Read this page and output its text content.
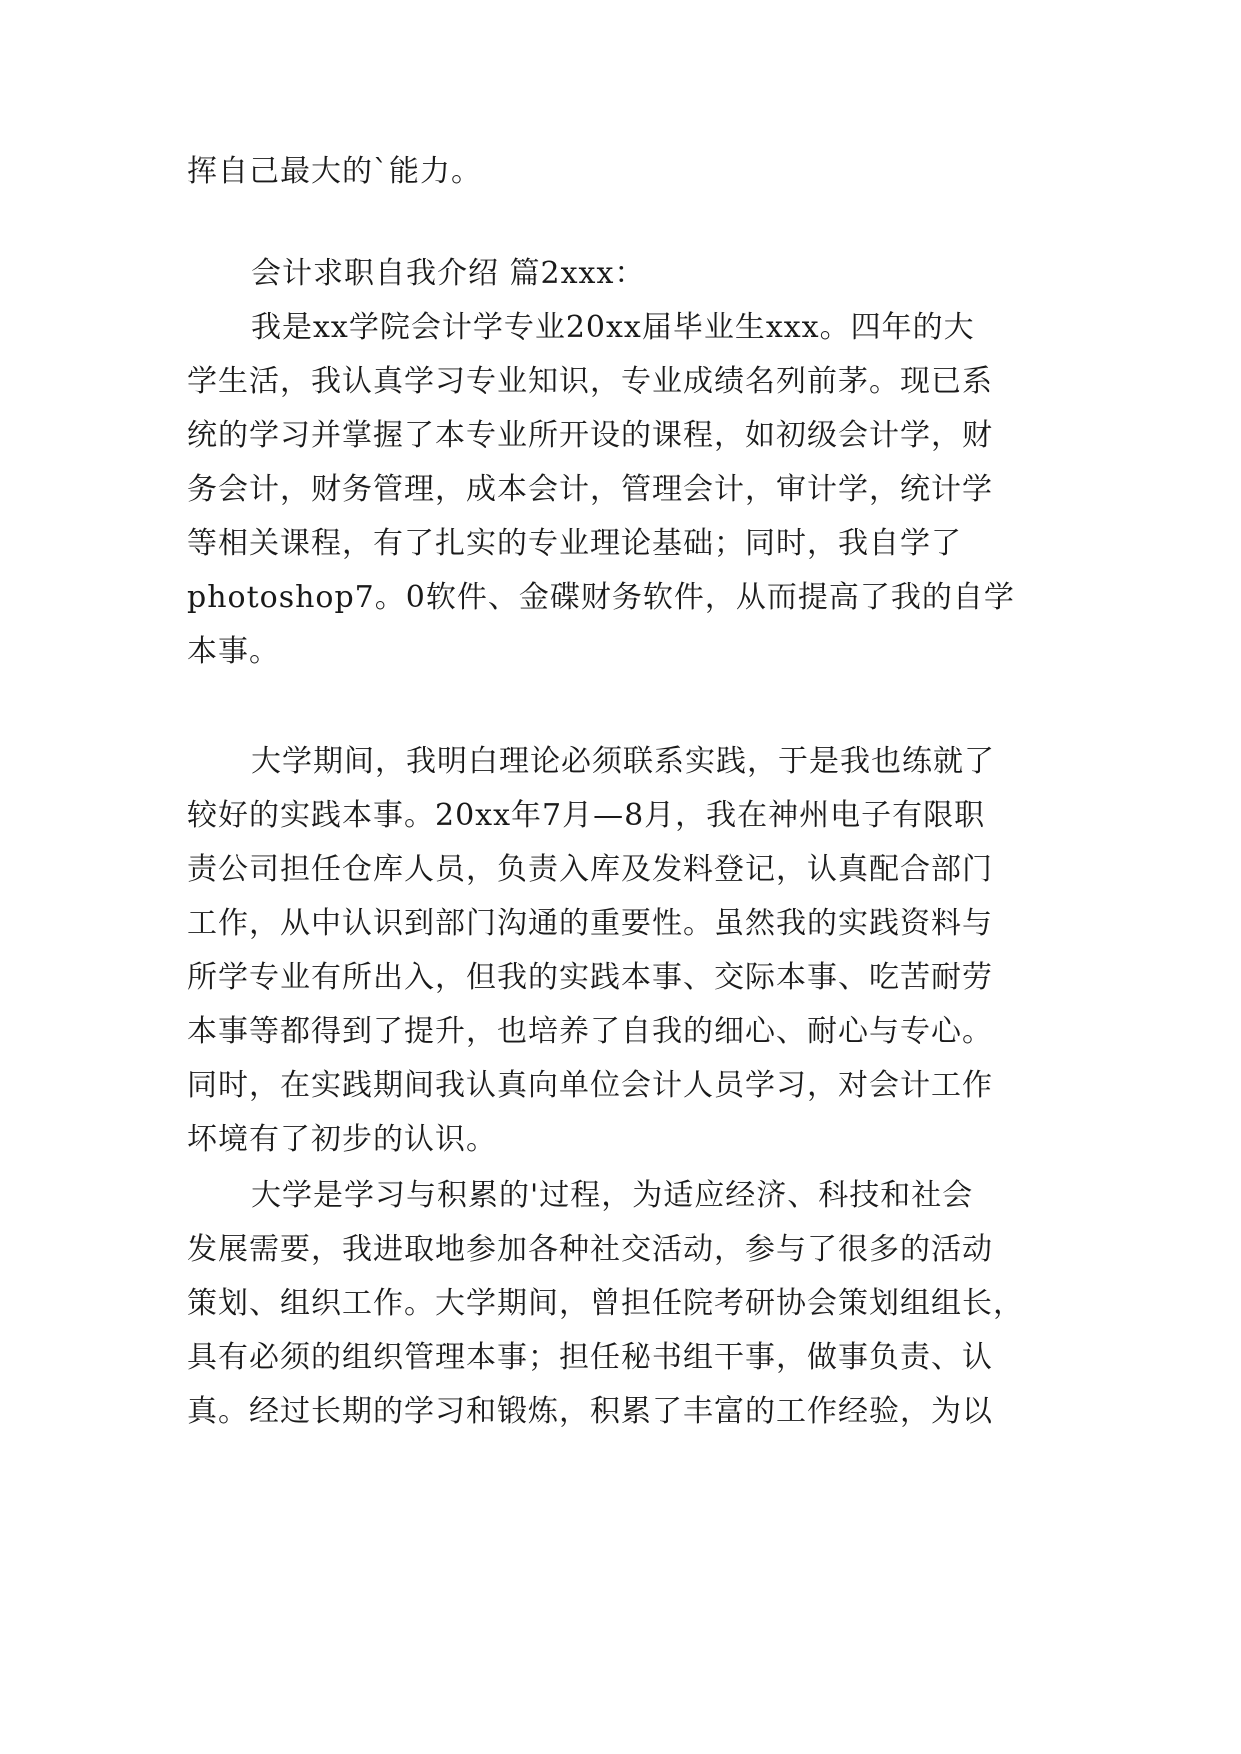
挥自己最大的`能力。
会计求职自我介绍 篇2xxx：
我是xx学院会计学专业20xx届毕业生xxx。四年的大
学生活，我认真学习专业知识，专业成绩名列前茅。现已系
统的学习并掌握了本专业所开设的课程，如初级会计学，财
务会计，财务管理，成本会计，管理会计，审计学，统计学
等相关课程，有了扎实的专业理论基础；同时，我自学了
photoshop7。0软件、金碟财务软件，从而提高了我的自学
本事。
大学期间，我明白理论必须联系实践，于是我也练就了
较好的实践本事。20xx年7月—8月，我在神州电子有限职
责公司担任仓库人员，负责入库及发料登记，认真配合部门
工作，从中认识到部门沟通的重要性。虽然我的实践资料与
所学专业有所出入，但我的实践本事、交际本事、吃苦耐劳
本事等都得到了提升，也培养了自我的细心、耐心与专心。
同时，在实践期间我认真向单位会计人员学习，对会计工作
坏境有了初步的认识。
大学是学习与积累的'过程，为适应经济、科技和社会
发展需要，我进取地参加各种社交活动，参与了很多的活动
策划、组织工作。大学期间，曾担任院考研协会策划组组长，
具有必须的组织管理本事；担任秘书组干事，做事负责、认
真。经过长期的学习和锻炼，积累了丰富的工作经验，为以
